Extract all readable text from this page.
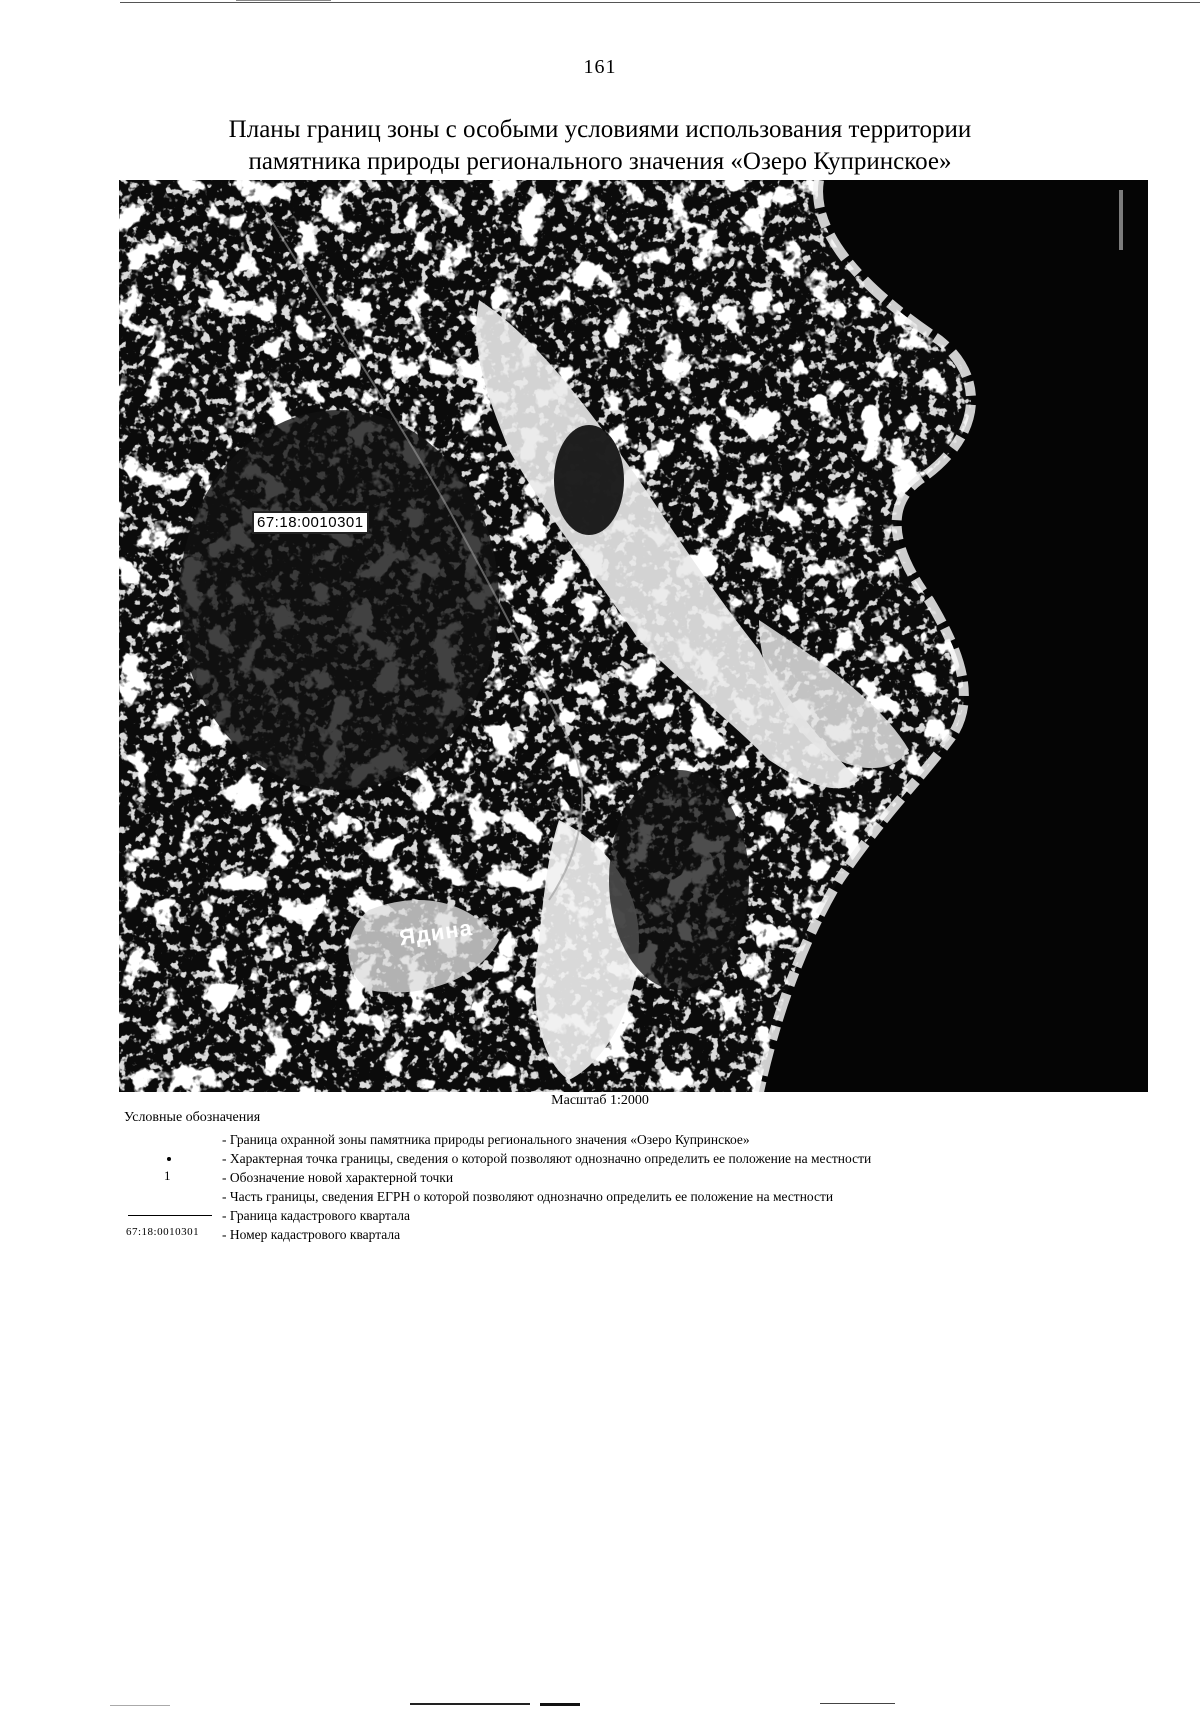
161
Планы границ зоны с особыми условиями использования территории
памятника природы регионального значения «Озеро Купринское»
67:18:0010301
Ядина
Масштаб 1:2000
Условные обозначения
- Граница охранной зоны памятника природы регионального значения «Озеро Купринское»
- Характерная точка границы, сведения о которой позволяют однозначно определить ее положение на местности
1	- Обозначение новой характерной точки
- Часть границы, сведения ЕГРН о которой позволяют однозначно определить ее положение на местности
- Граница кадастрового квартала
67:18:0010301 - Номер кадастрового квартала
